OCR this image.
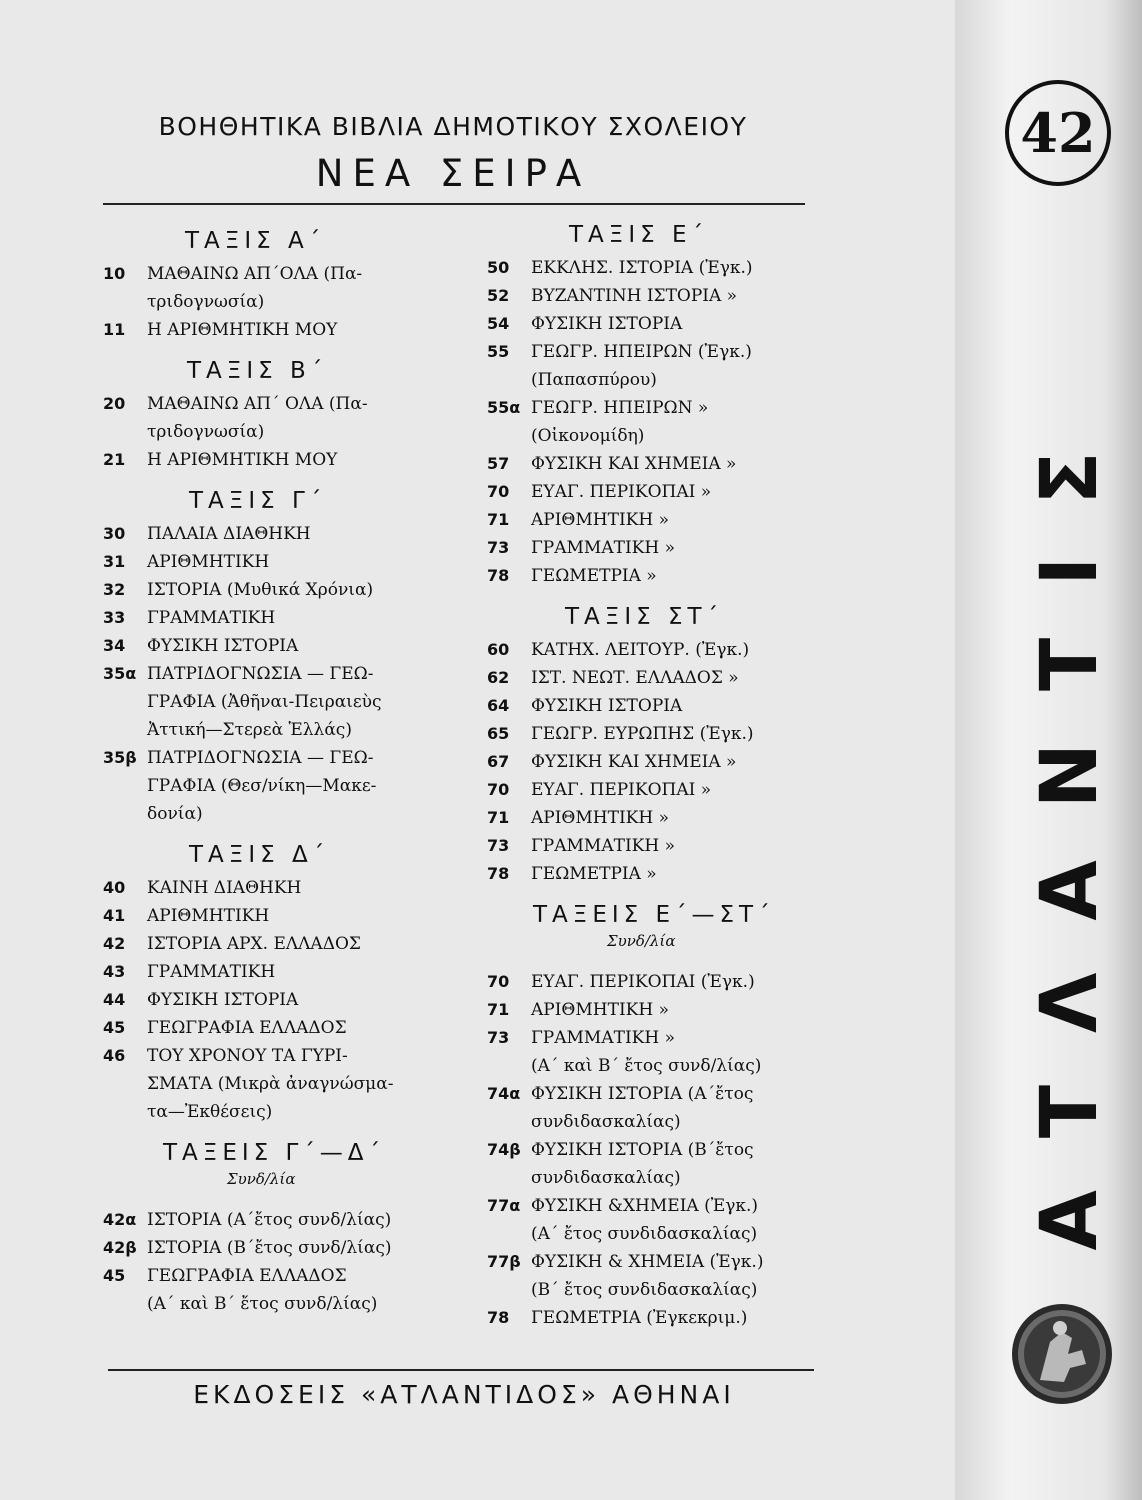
ΒΟΗΘΗΤΙΚΑ ΒΙΒΛΙΑ ΔΗΜΟΤΙΚΟΥ ΣΧΟΛΕΙΟΥ
ΝΕΑ ΣΕΙΡΑ
ΤΑΞΙΣ Α΄
10	ΜΑΘΑΙΝΩ ΑΠ΄ΟΛΑ (Πα-
τριδογνωσία)
11	Η ΑΡΙΘΜΗΤΙΚΗ ΜΟΥ
ΤΑΞΙΣ Β΄
20	ΜΑΘΑΙΝΩ ΑΠ΄ ΟΛΑ (Πα-
τριδογνωσία)
21	Η ΑΡΙΘΜΗΤΙΚΗ ΜΟΥ
ΤΑΞΙΣ Γ΄
30	ΠΑΛΑΙΑ ΔΙΑΘΗΚΗ
31	ΑΡΙΘΜΗΤΙΚΗ
32	ΙΣΤΟΡΙΑ (Μυθικά Χρόνια)
33	ΓΡΑΜΜΑΤΙΚΗ
34	ΦΥΣΙΚΗ ΙΣΤΟΡΙΑ
35α ΠΑΤΡΙΔΟΓΝΩΣΙΑ — ΓΕΩ-
ΓΡΑΦΙΑ (Ἀθῆναι-Πειραιεὺς
Ἀττική—Στερεὰ Ἑλλάς)
35β ΠΑΤΡΙΔΟΓΝΩΣΙΑ — ΓΕΩ-
ΓΡΑΦΙΑ (Θεσ/νίκη—Μακε-
δονία)
ΤΑΞΙΣ Δ΄
40	ΚΑΙΝΗ ΔΙΑΘΗΚΗ
41	ΑΡΙΘΜΗΤΙΚΗ
42	ΙΣΤΟΡΙΑ ΑΡΧ. ΕΛΛΑΔΟΣ
43	ΓΡΑΜΜΑΤΙΚΗ
44	ΦΥΣΙΚΗ ΙΣΤΟΡΙΑ
45	ΓΕΩΓΡΑΦΙΑ ΕΛΛΑΔΟΣ
46	ΤΟΥ ΧΡΟΝΟΥ ΤΑ ΓΥΡΙ-
ΣΜΑΤΑ (Μικρὰ ἀναγνώσμα-
τα—Ἐκθέσεις)
ΤΑΞΕΙΣ Γ΄—Δ΄
Συνδ/λία
42α ΙΣΤΟΡΙΑ (Α΄ἔτος συνδ/λίας)
42β ΙΣΤΟΡΙΑ (Β΄ἔτος συνδ/λίας)
45	ΓΕΩΓΡΑΦΙΑ ΕΛΛΑΔΟΣ
(Α΄ καὶ Β΄ ἔτος συνδ/λίας)
ΤΑΞΙΣ Ε΄
50	ΕΚΚΛΗΣ. ΙΣΤΟΡΙΑ (Ἐγκ.)
52	ΒΥΖΑΝΤΙΝΗ ΙΣΤΟΡΙΑ »
54	ΦΥΣΙΚΗ ΙΣΤΟΡΙΑ
55	ΓΕΩΓΡ. ΗΠΕΙΡΩΝ (Ἐγκ.)
(Παπασπύρου)
55α ΓΕΩΓΡ. ΗΠΕΙΡΩΝ »
(Οἰκονομίδη)
57	ΦΥΣΙΚΗ ΚΑΙ ΧΗΜΕΙΑ »
70	ΕΥΑΓ. ΠΕΡΙΚΟΠΑΙ »
71	ΑΡΙΘΜΗΤΙΚΗ »
73	ΓΡΑΜΜΑΤΙΚΗ »
78	ΓΕΩΜΕΤΡΙΑ »
ΤΑΞΙΣ ΣΤ΄
60	ΚΑΤΗΧ. ΛΕΙΤΟΥΡ. (Ἐγκ.)
62	ΙΣΤ. ΝΕΩΤ. ΕΛΛΑΔΟΣ »
64	ΦΥΣΙΚΗ ΙΣΤΟΡΙΑ
65	ΓΕΩΓΡ. ΕΥΡΩΠΗΣ (Ἐγκ.)
67	ΦΥΣΙΚΗ ΚΑΙ ΧΗΜΕΙΑ »
70	ΕΥΑΓ. ΠΕΡΙΚΟΠΑΙ »
71	ΑΡΙΘΜΗΤΙΚΗ »
73	ΓΡΑΜΜΑΤΙΚΗ »
78	ΓΕΩΜΕΤΡΙΑ »
ΤΑΞΕΙΣ Ε΄—ΣΤ΄
Συνδ/λία
70	ΕΥΑΓ. ΠΕΡΙΚΟΠΑΙ (Ἐγκ.)
71	ΑΡΙΘΜΗΤΙΚΗ »
73	ΓΡΑΜΜΑΤΙΚΗ »
(Α΄ καὶ Β΄ ἔτος συνδ/λίας)
74α ΦΥΣΙΚΗ ΙΣΤΟΡΙΑ (Α΄ἔτος
συνδιδασκαλίας)
74β ΦΥΣΙΚΗ ΙΣΤΟΡΙΑ (Β΄ἔτος
συνδιδασκαλίας)
77α ΦΥΣΙΚΗ &ΧΗΜΕΙΑ (Ἐγκ.)
(Α΄ ἔτος συνδιδασκαλίας)
77β ΦΥΣΙΚΗ & ΧΗΜΕΙΑ (Ἐγκ.)
(Β΄ ἔτος συνδιδασκαλίας)
78	ΓΕΩΜΕΤΡΙΑ (Ἐγκεκριμ.)
ΕΚΔΟΣΕΙΣ «ΑΤΛΑΝΤΙΔΟΣ» ΑΘΗΝΑΙ
42
ΑΤΛΑΝΤΙΣ
